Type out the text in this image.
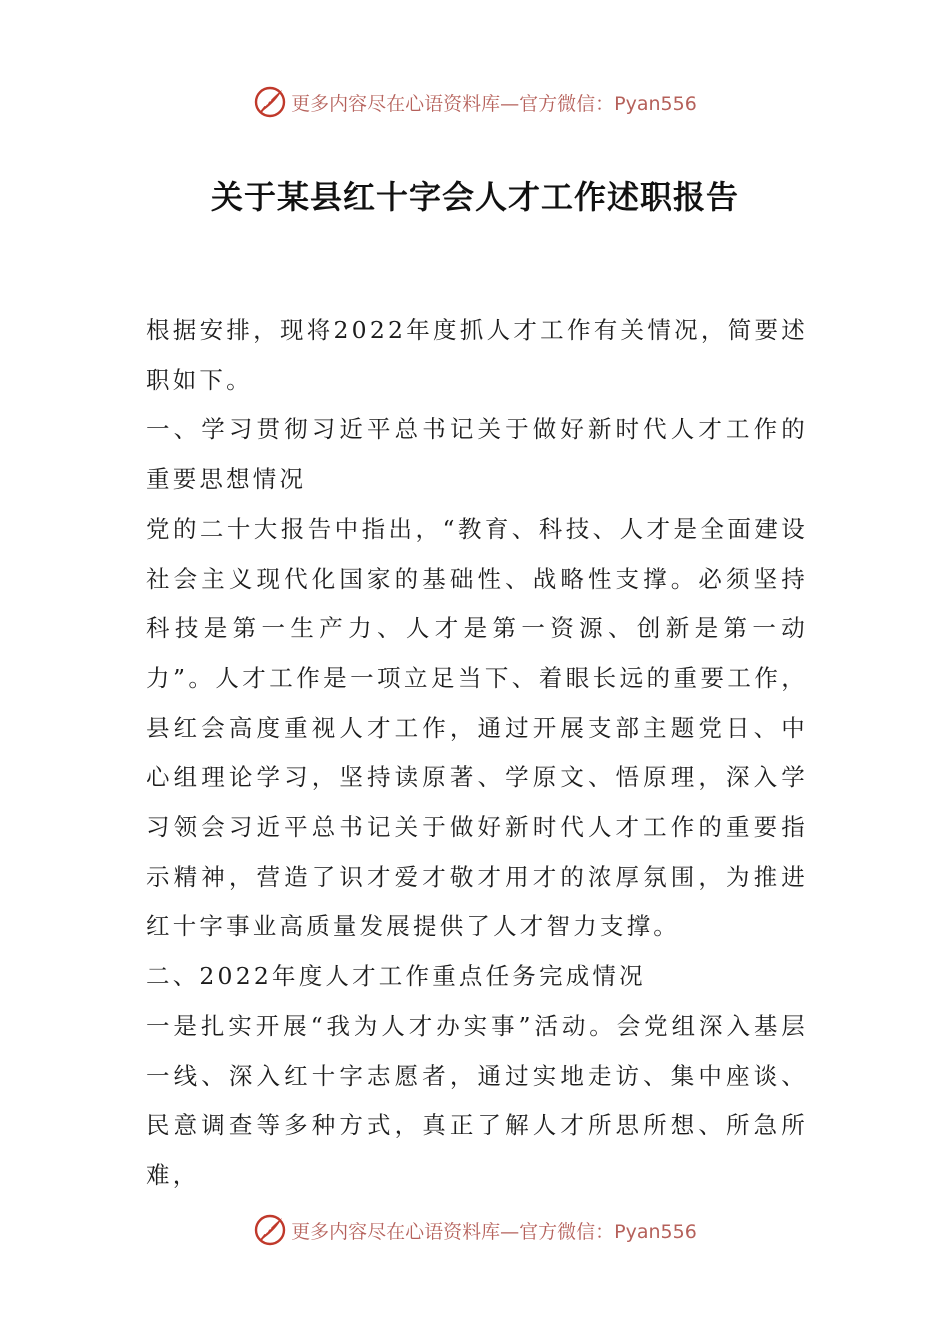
更多内容尽在心语资料库—官方微信：Pyan556
关于某县红十字会人才工作述职报告

根据安排，现将2022年度抓人才工作有关情况，简要述职如下。

一、学习贯彻习近平总书记关于做好新时代人才工作的重要思想情况

党的二十大报告中指出，“教育、科技、人才是全面建设社会主义现代化国家的基础性、战略性支撑。必须坚持科技是第一生产力、人才是第一资源、创新是第一动力”。人才工作是一项立足当下、着眼长远的重要工作，县红会高度重视人才工作，通过开展支部主题党日、中心组理论学习，坚持读原著、学原文、悟原理，深入学习领会习近平总书记关于做好新时代人才工作的重要指示精神，营造了识才爱才敬才用才的浓厚氛围，为推进红十字事业高质量发展提供了人才智力支撑。

二、2022年度人才工作重点任务完成情况

一是扎实开展“我为人才办实事”活动。会党组深入基层一线、深入红十字志愿者，通过实地走访、集中座谈、民意调查等多种方式，真正了解人才所思所想、所急所难，

更多内容尽在心语资料库—官方微信：Pyan556
